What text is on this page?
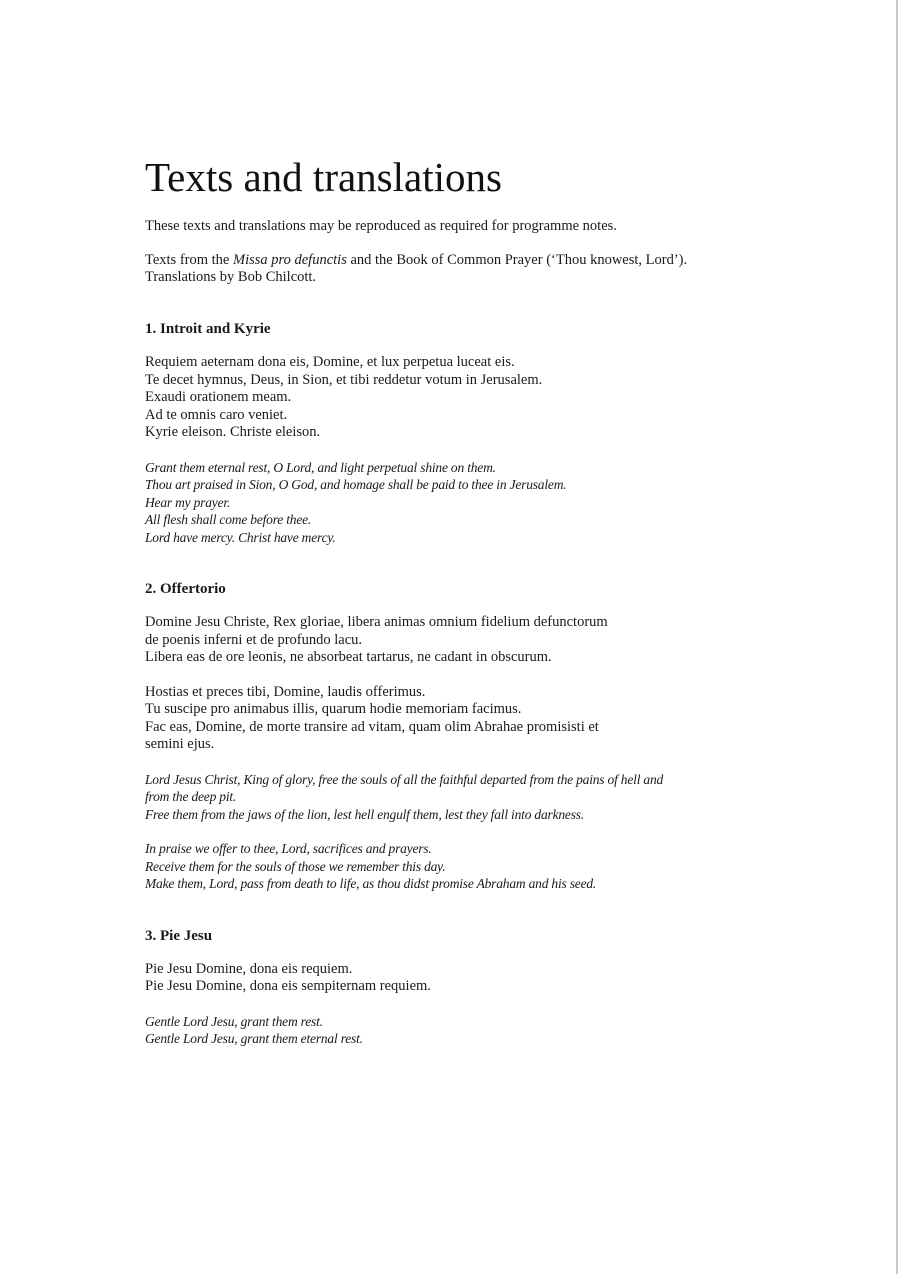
Texts and translations

These texts and translations may be reproduced as required for programme notes.

Texts from the Missa pro defunctis and the Book of Common Prayer (‘Thou knowest, Lord’).

Translations by Bob Chilcott.

1. Introit and Kyrie
Requiem aeternam dona eis, Domine, et lux perpetua luceat eis.
Te decet hymnus, Deus, in Sion, et tibi reddetur votum in Jerusalem.
Exaudi orationem meam.
Ad te omnis caro veniet.
Kyrie eleison. Christe eleison.
Grant them eternal rest, O Lord, and light perpetual shine on them.
Thou art praised in Sion, O God, and homage shall be paid to thee in Jerusalem.
Hear my prayer.
All flesh shall come before thee.
Lord have mercy. Christ have mercy.
2. Offertorio
Domine Jesu Christe, Rex gloriae, libera animas omnium fidelium defunctorum
de poenis inferni et de profundo lacu.
Libera eas de ore leonis, ne absorbeat tartarus, ne cadant in obscurum.
Hostias et preces tibi, Domine, laudis offerimus.
Tu suscipe pro animabus illis, quarum hodie memoriam facimus.
Fac eas, Domine, de morte transire ad vitam, quam olim Abrahae promisisti et
semini ejus.
Lord Jesus Christ, King of glory, free the souls of all the faithful departed from the pains of hell and
from the deep pit.
Free them from the jaws of the lion, lest hell engulf them, lest they fall into darkness.
In praise we offer to thee, Lord, sacrifices and prayers.
Receive them for the souls of those we remember this day.
Make them, Lord, pass from death to life, as thou didst promise Abraham and his seed.
3. Pie Jesu
Pie Jesu Domine, dona eis requiem.
Pie Jesu Domine, dona eis sempiternam requiem.
Gentle Lord Jesu, grant them rest.
Gentle Lord Jesu, grant them eternal rest.
